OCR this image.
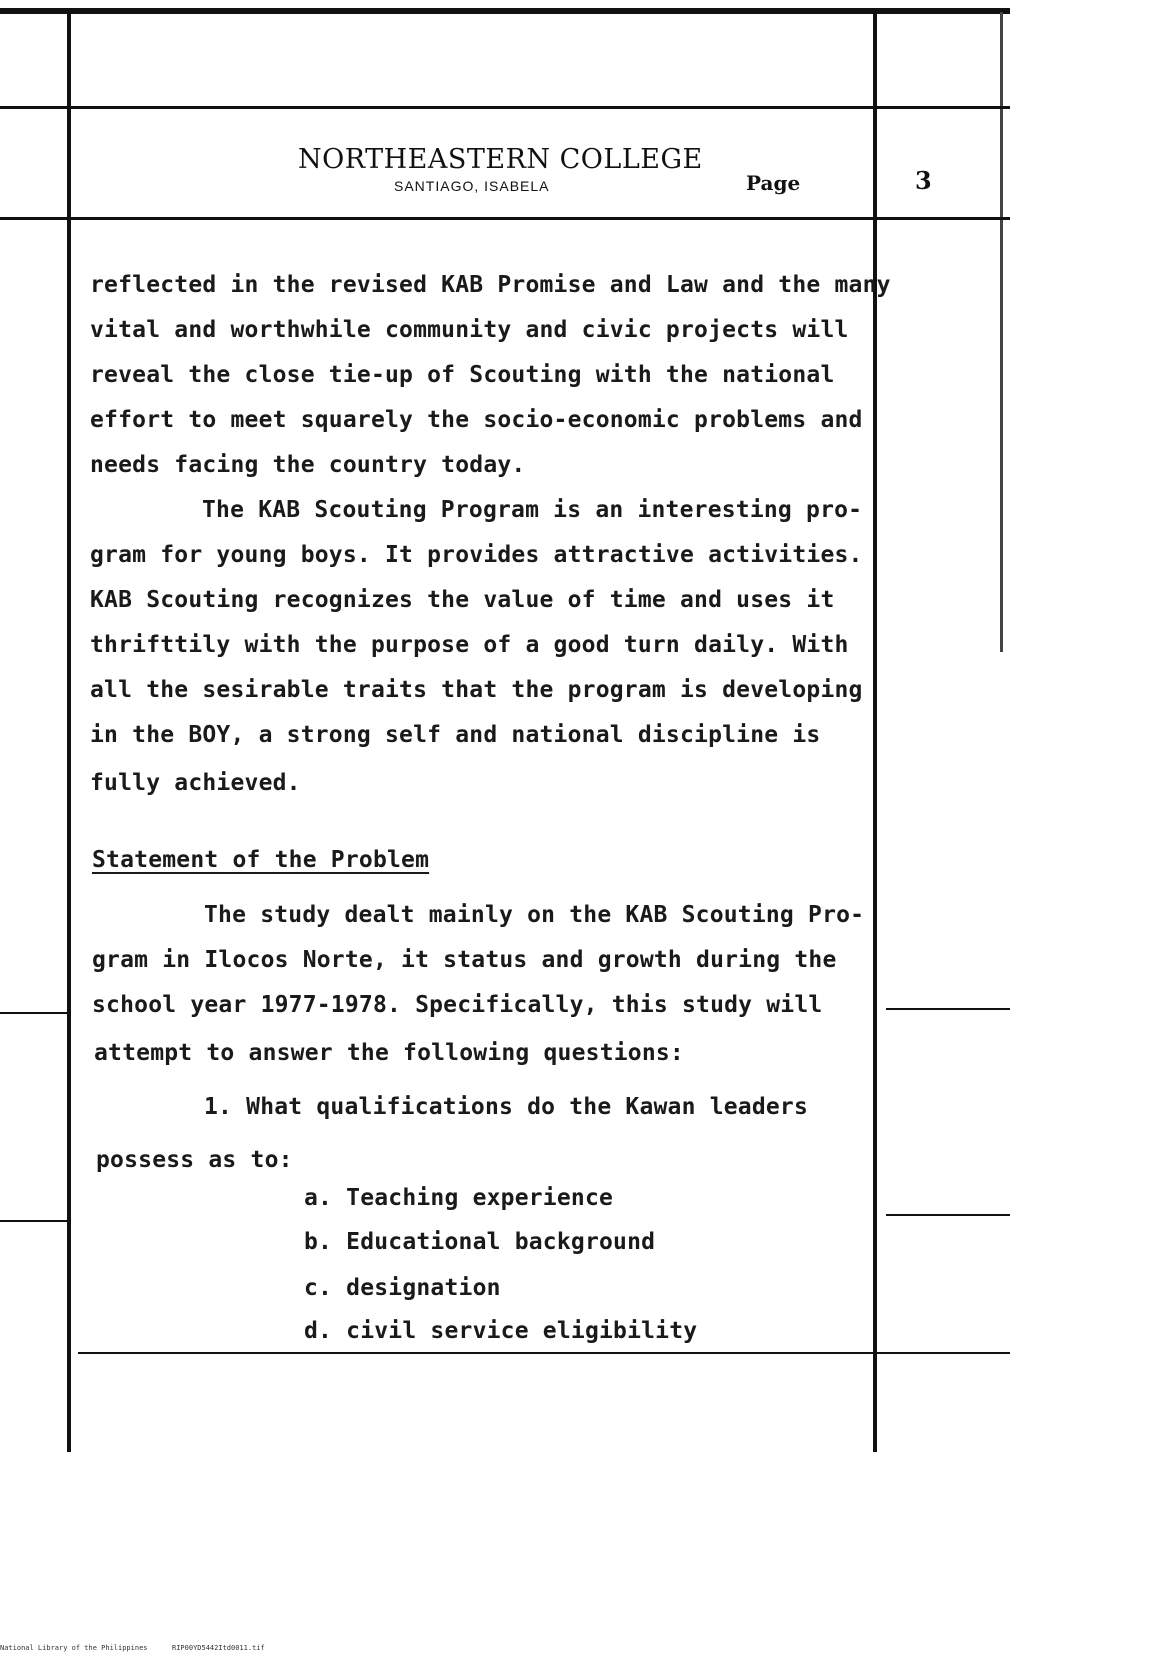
NORTHEASTERN COLLEGE
SANTIAGO, ISABELA	Page	3
reflected in the revised KAB Promise and Law and the many
vital and worthwhile community and civic projects will
reveal the close tie-up of Scouting with the national
effort to meet squarely the socio-economic problems and
needs facing the country today.
The KAB Scouting Program is an interesting pro-
gram for young boys. It provides attractive activities.
KAB Scouting recognizes the value of time and uses it
thrifttily with the purpose of a good turn daily. With
all the sesirable traits that the program is developing
in the BOY, a strong self and national discipline is
fully achieved.
Statement of the Problem
The study dealt mainly on the KAB Scouting Pro-
gram in Ilocos Norte, it status and growth during the
school year 1977-1978. Specifically, this study will
attempt to answer the following questions:
1. What qualifications do the Kawan leaders
possess as to:
a. Teaching experience
b. Educational background
c. designation
d. civil service eligibility
National Library of the Philippines	RIP00YD5442Itd0011.tif
